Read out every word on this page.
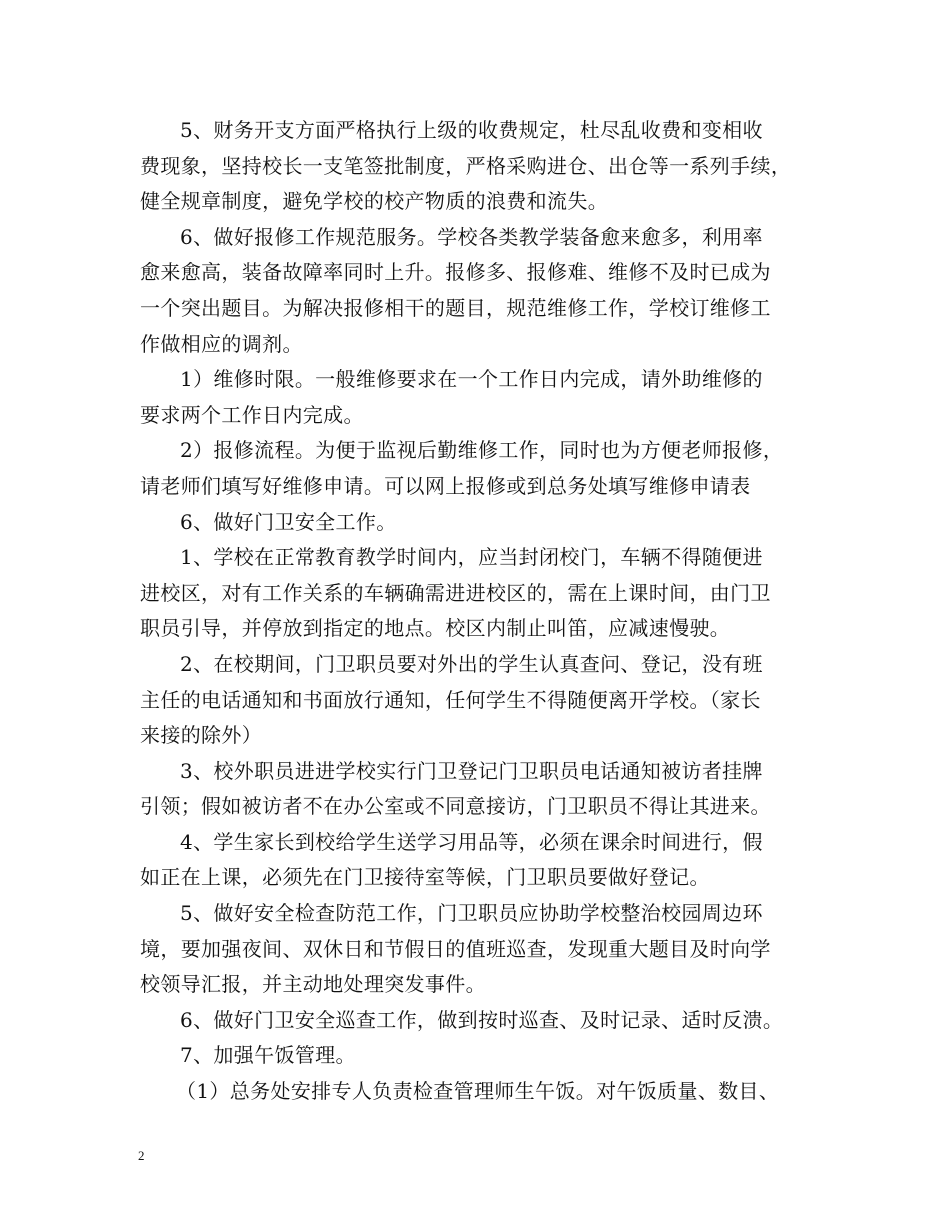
5、财务开支方面严格执行上级的收费规定，杜尽乱收费和变相收
费现象，坚持校长一支笔签批制度，严格采购进仓、出仓等一系列手续，
健全规章制度，避免学校的校产物质的浪费和流失。
6、做好报修工作规范服务。学校各类教学装备愈来愈多，利用率
愈来愈高，装备故障率同时上升。报修多、报修难、维修不及时已成为
一个突出题目。为解决报修相干的题目，规范维修工作，学校订维修工
作做相应的调剂。
1）维修时限。一般维修要求在一个工作日内完成，请外助维修的
要求两个工作日内完成。
2）报修流程。为便于监视后勤维修工作，同时也为方便老师报修，
请老师们填写好维修申请。可以网上报修或到总务处填写维修申请表
6、做好门卫安全工作。
1、学校在正常教育教学时间内，应当封闭校门，车辆不得随便进
进校区，对有工作关系的车辆确需进进校区的，需在上课时间，由门卫
职员引导，并停放到指定的地点。校区内制止叫笛，应减速慢驶。
2、在校期间，门卫职员要对外出的学生认真查问、登记，没有班
主任的电话通知和书面放行通知，任何学生不得随便离开学校。（家长
来接的除外）
3、校外职员进进学校实行门卫登记门卫职员电话通知被访者挂牌
引领；假如被访者不在办公室或不同意接访，门卫职员不得让其进来。
4、学生家长到校给学生送学习用品等，必须在课余时间进行，假
如正在上课，必须先在门卫接待室等候，门卫职员要做好登记。
5、做好安全检查防范工作，门卫职员应协助学校整治校园周边环
境，要加强夜间、双休日和节假日的值班巡查，发现重大题目及时向学
校领导汇报，并主动地处理突发事件。
6、做好门卫安全巡查工作，做到按时巡查、及时记录、适时反溃。
7、加强午饭管理。
（1）总务处安排专人负责检查管理师生午饭。对午饭质量、数目、
2
